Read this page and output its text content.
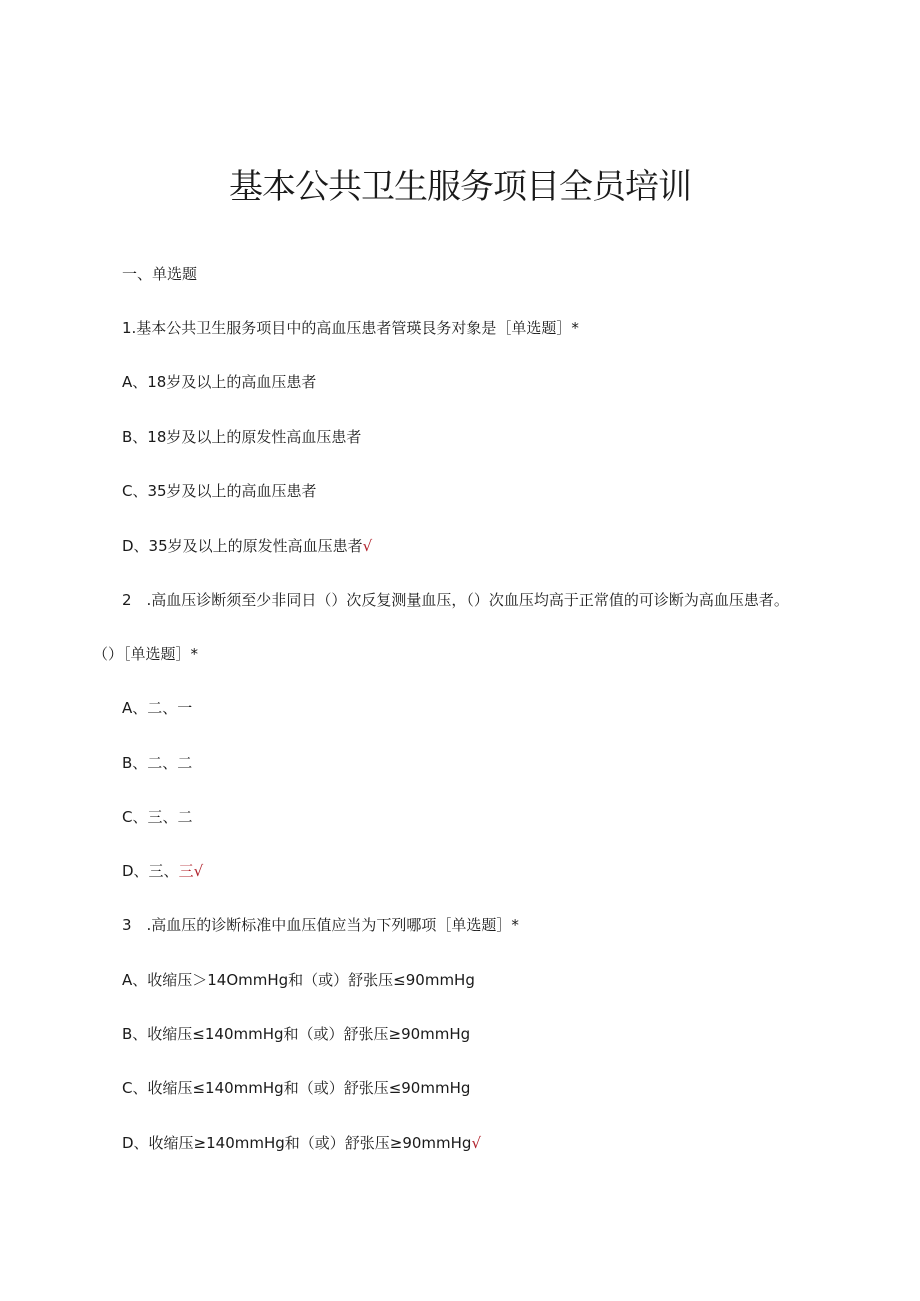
基本公共卫生服务项目全员培训
一、单选题
1.基本公共卫生服务项目中的高血压患者管瑛艮务对象是［单选题］*
A、18岁及以上的高血压患者
B、18岁及以上的原发性高血压患者
C、35岁及以上的高血压患者
D、35岁及以上的原发性高血压患者√
2　.高血压诊断须至少非同日（）次反复测量血压，（）次血压均高于正常值的可诊断为高血压患者。
（）［单选题］*
A、二、一
B、二、二
C、三、二
D、三、三√
3　.高血压的诊断标准中血压值应当为下列哪项［单选题］*
A、收缩压＞14OmmHg和（或）舒张压≤90mmHg
B、收缩压≤140mmHg和（或）舒张压≥90mmHg
C、收缩压≤140mmHg和（或）舒张压≤90mmHg
D、收缩压≥140mmHg和（或）舒张压≥90mmHg√
